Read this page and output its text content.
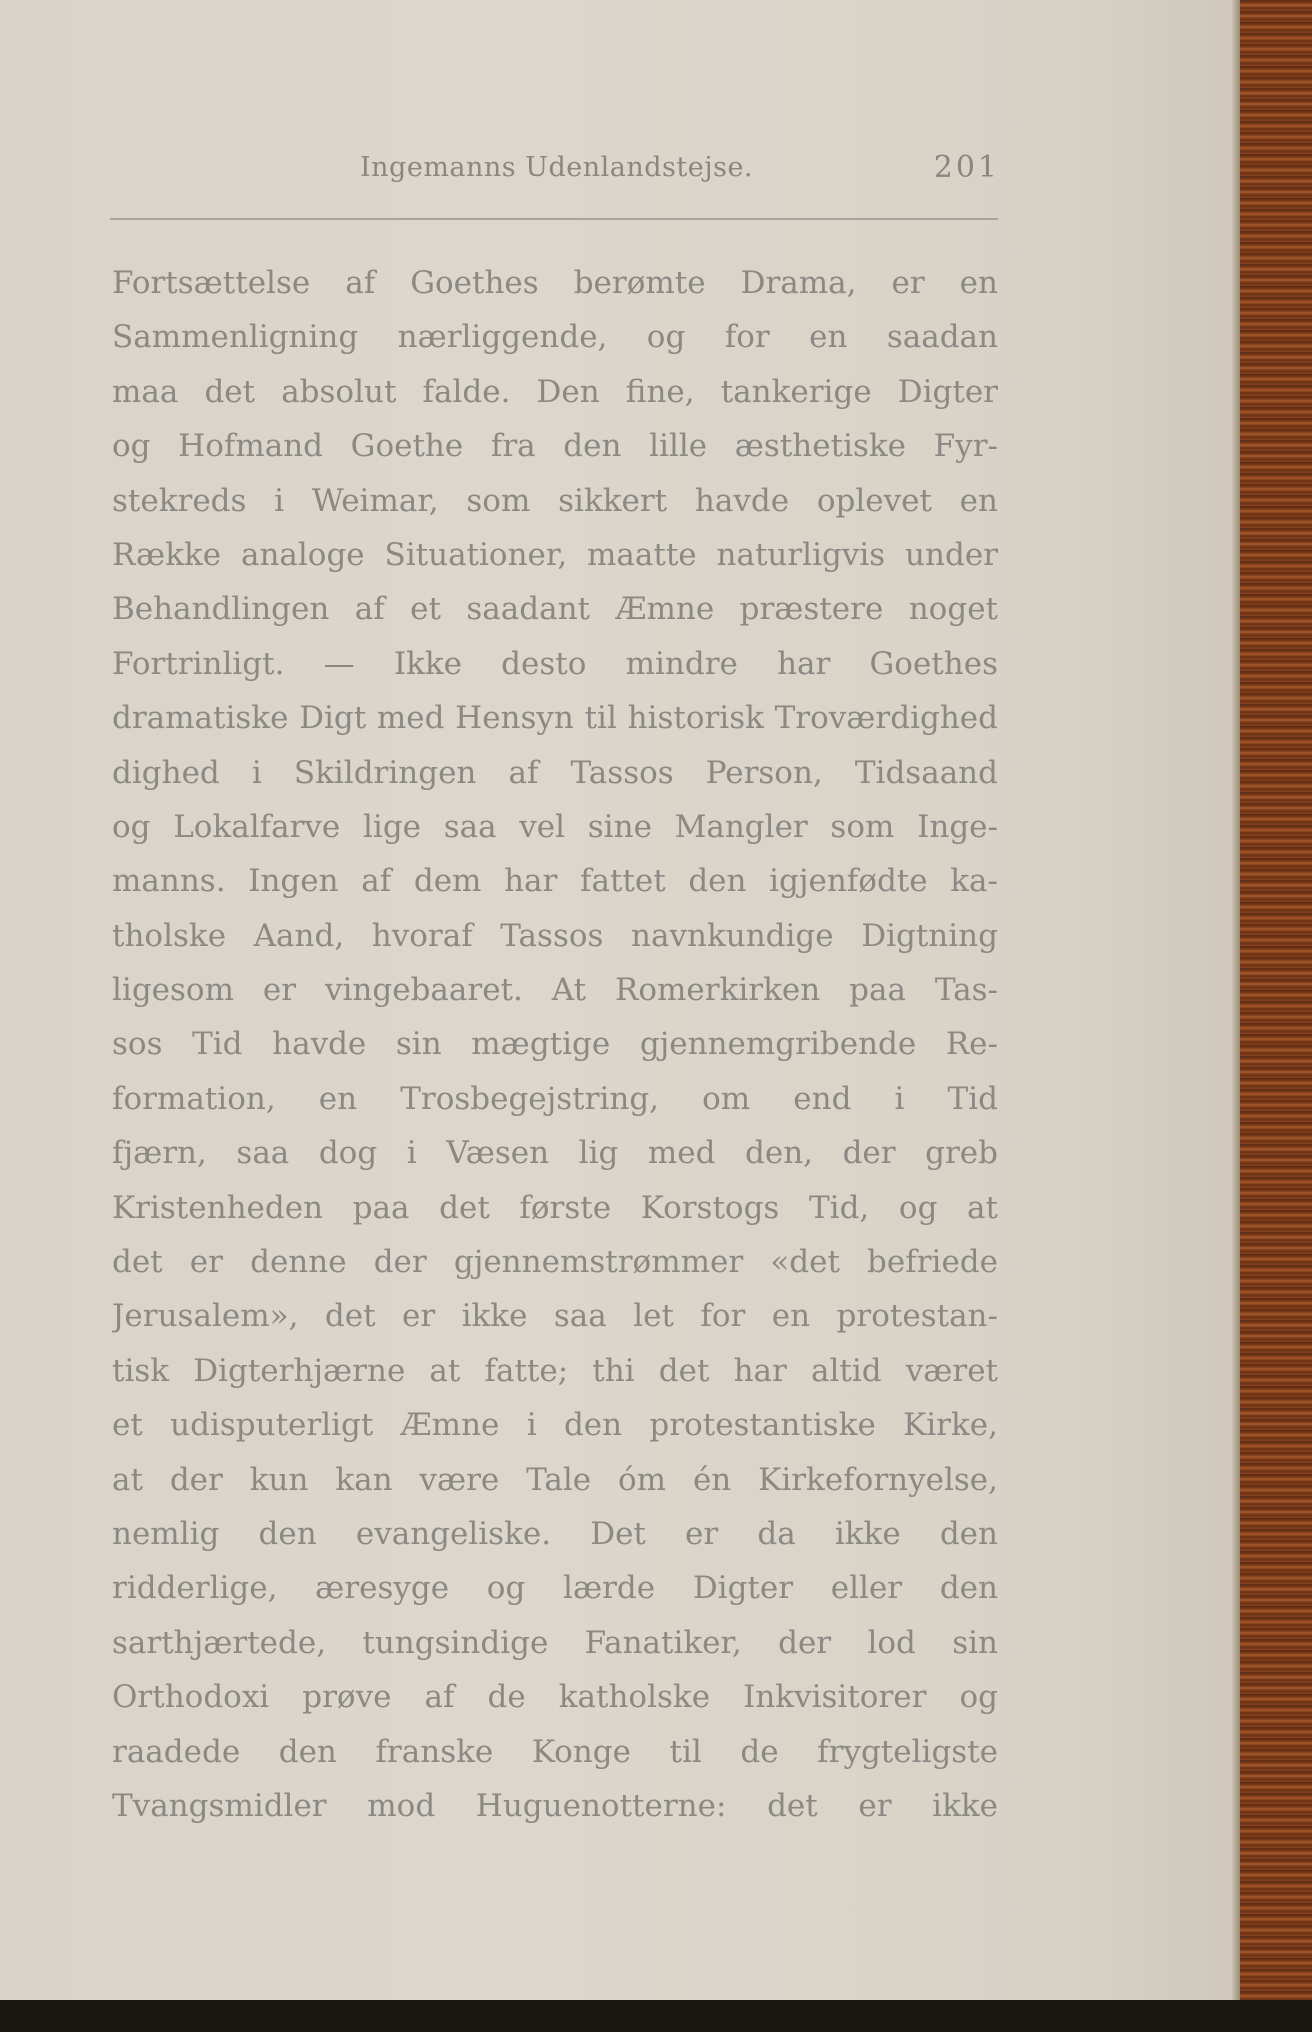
Ingemanns Udenlandstejse.	201
Fortsættelse af Goethes berømte Drama, er en
Sammenligning nærliggende, og for en saadan
maa det absolut falde. Den fine, tankerige Digter
og Hofmand Goethe fra den lille æsthetiske Fyr-
stekreds i Weimar, som sikkert havde oplevet en
Række analoge Situationer, maatte naturligvis under
Behandlingen af et saadant Æmne præstere noget
Fortrinligt. — Ikke desto mindre har Goethes
dramatiske Digt med Hensyn til historisk Troværdighed
dighed i Skildringen af Tassos Person, Tidsaand
og Lokalfarve lige saa vel sine Mangler som Inge-
manns. Ingen af dem har fattet den igjenfødte ka-
tholske Aand, hvoraf Tassos navnkundige Digtning
ligesom er vingebaaret. At Romerkirken paa Tas-
sos Tid havde sin mægtige gjennemgribende Re-
formation, en Trosbegejstring, om end i Tid
fjærn, saa dog i Væsen lig med den, der greb
Kristenheden paa det første Korstogs Tid, og at
det er denne der gjennemstrømmer «det befriede
Jerusalem», det er ikke saa let for en protestan-
tisk Digterhjærne at fatte; thi det har altid været
et udisputerligt Æmne i den protestantiske Kirke,
at der kun kan være Tale óm én Kirkefornyelse,
nemlig den evangeliske. Det er da ikke den
ridderlige, æresyge og lærde Digter eller den
sarthjærtede, tungsindige Fanatiker, der lod sin
Orthodoxi prøve af de katholske Inkvisitorer og
raadede den franske Konge til de frygteligste
Tvangsmidler mod Huguenotterne: det er ikke
